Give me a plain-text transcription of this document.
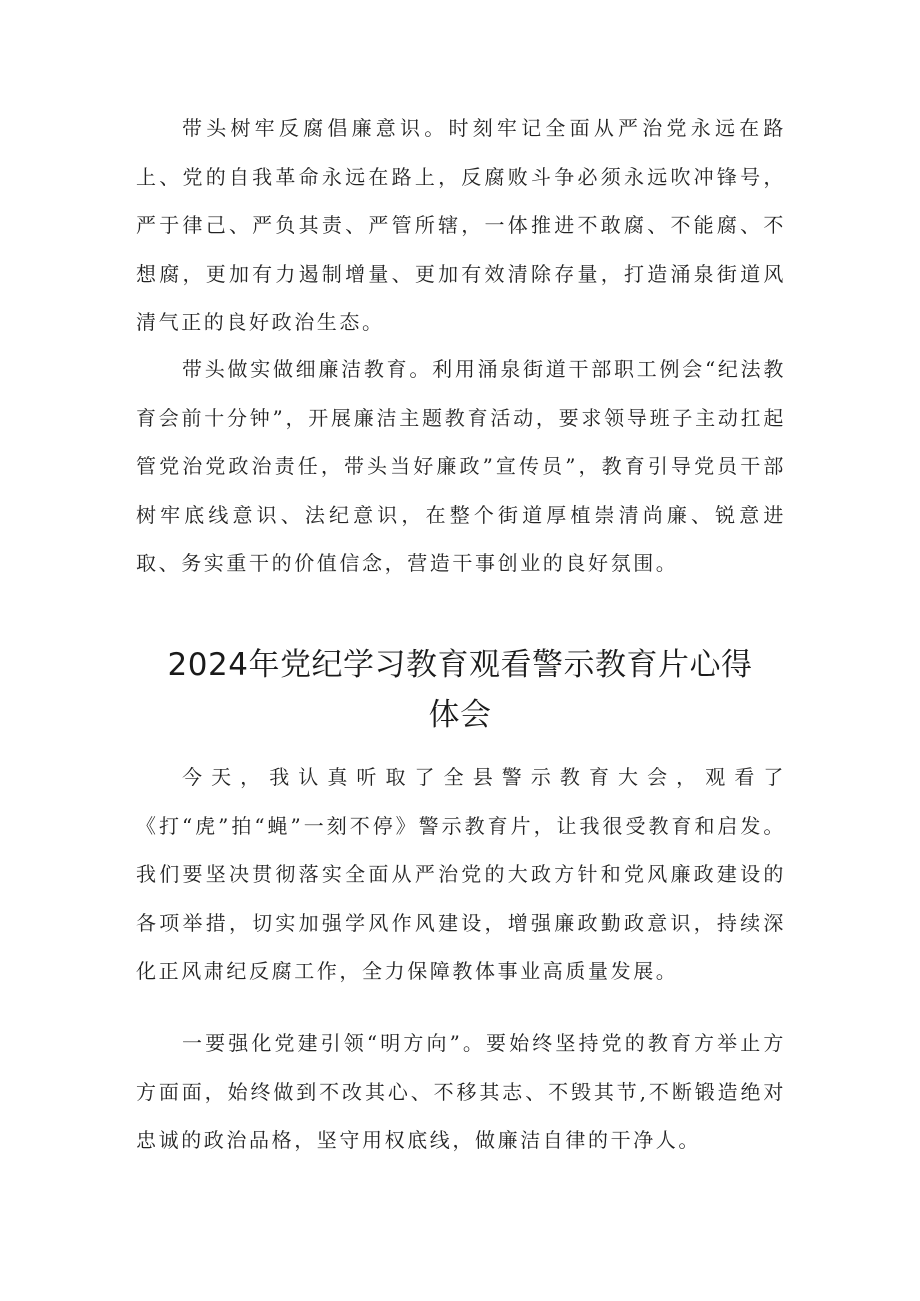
带头树牢反腐倡廉意识。时刻牢记全面从严治党永远在路上、党的自我革命永远在路上，反腐败斗争必须永远吹冲锋号，严于律己、严负其责、严管所辖，一体推进不敢腐、不能腐、不想腐，更加有力遏制增量、更加有效清除存量，打造涌泉街道风清气正的良好政治生态。

带头做实做细廉洁教育。利用涌泉街道干部职工例会“纪法教育会前十分钟”，开展廉洁主题教育活动，要求领导班子主动扛起管党治党政治责任，带头当好廉政”宣传员”，教育引导党员干部树牢底线意识、法纪意识，在整个街道厚植崇清尚廉、锐意进取、务实重干的价值信念，营造干事创业的良好氛围。

2024年党纪学习教育观看警示教育片心得
体会

今天，我认真听取了全县警示教育大会，观看了《打“虎”拍“蝇”一刻不停》警示教育片，让我很受教育和启发。我们要坚决贯彻落实全面从严治党的大政方针和党风廉政建设的各项举措，切实加强学风作风建设，增强廉政勤政意识，持续深化正风肃纪反腐工作，全力保障教体事业高质量发展。

一要强化党建引领“明方向”。要始终坚持党的教育方举止方方面面，始终做到不改其心、不移其志、不毁其节,不断锻造绝对忠诚的政治品格，坚守用权底线，做廉洁自律的干净人。
